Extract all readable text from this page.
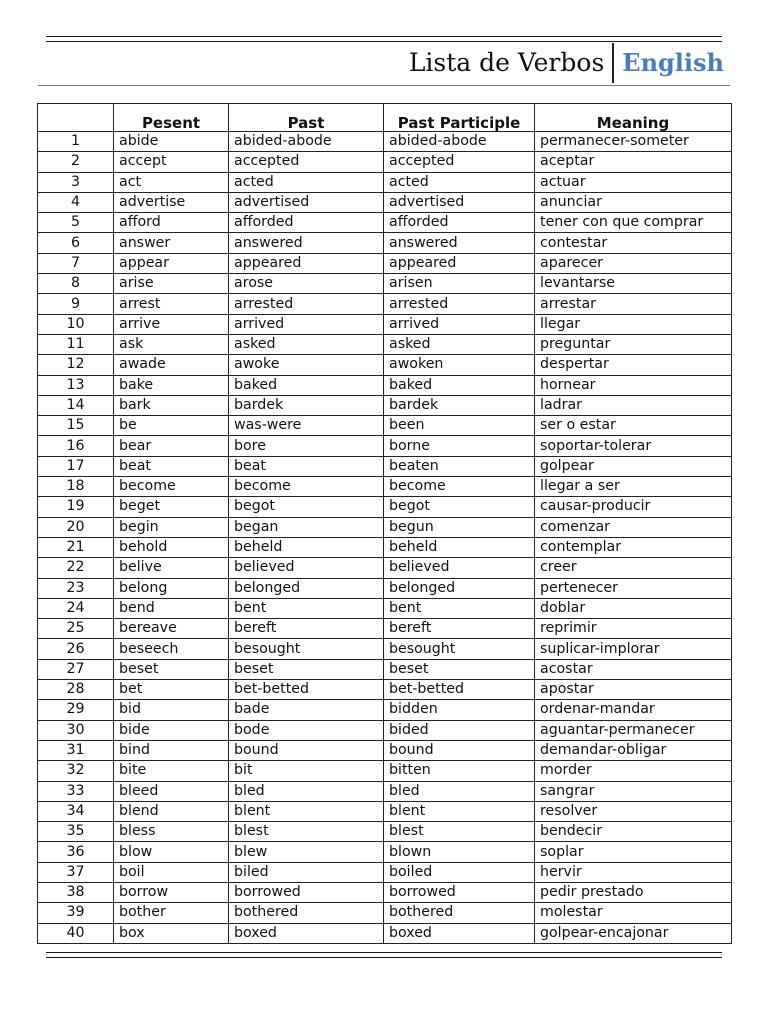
Lista de Verbos English
	Pesent	Past	Past Participle	Meaning
1	abide	abided-abode	abided-abode	permanecer-someter
2	accept	accepted	accepted	aceptar
3	act	acted	acted	actuar
4	advertise	advertised	advertised	anunciar
5	afford	afforded	afforded	tener con que comprar
6	answer	answered	answered	contestar
7	appear	appeared	appeared	aparecer
8	arise	arose	arisen	levantarse
9	arrest	arrested	arrested	arrestar
10	arrive	arrived	arrived	llegar
11	ask	asked	asked	preguntar
12	awade	awoke	awoken	despertar
13	bake	baked	baked	hornear
14	bark	bardek	bardek	ladrar
15	be	was-were	been	ser o estar
16	bear	bore	borne	soportar-tolerar
17	beat	beat	beaten	golpear
18	become	become	become	llegar a ser
19	beget	begot	begot	causar-producir
20	begin	began	begun	comenzar
21	behold	beheld	beheld	contemplar
22	belive	believed	believed	creer
23	belong	belonged	belonged	pertenecer
24	bend	bent	bent	doblar
25	bereave	bereft	bereft	reprimir
26	beseech	besought	besought	suplicar-implorar
27	beset	beset	beset	acostar
28	bet	bet-betted	bet-betted	apostar
29	bid	bade	bidden	ordenar-mandar
30	bide	bode	bided	aguantar-permanecer
31	bind	bound	bound	demandar-obligar
32	bite	bit	bitten	morder
33	bleed	bled	bled	sangrar
34	blend	blent	blent	resolver
35	bless	blest	blest	bendecir
36	blow	blew	blown	soplar
37	boil	biled	boiled	hervir
38	borrow	borrowed	borrowed	pedir prestado
39	bother	bothered	bothered	molestar
40	box	boxed	boxed	golpear-encajonar
